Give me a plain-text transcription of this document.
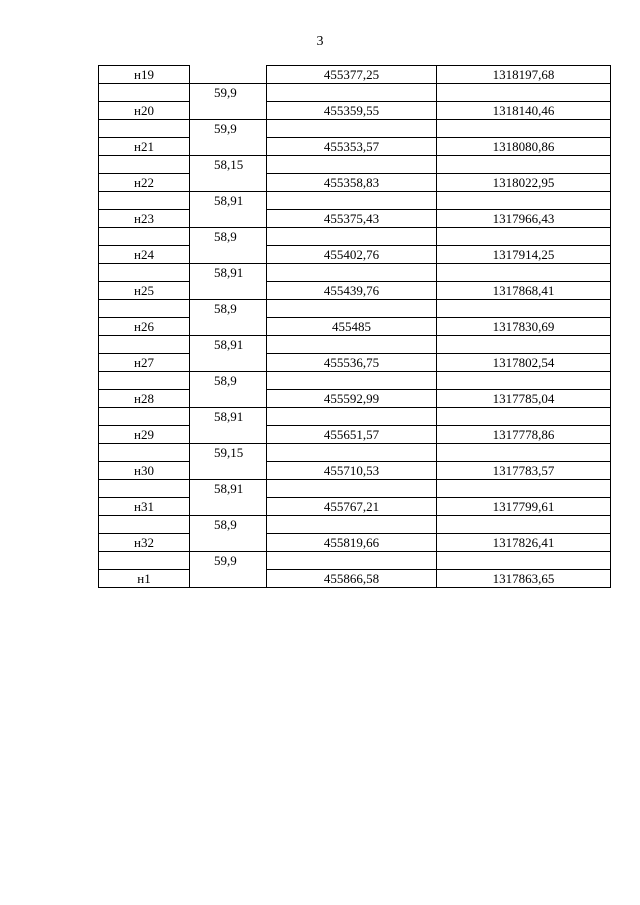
3
н19		455377,25	1318197,68
	59,9		
н20		455359,55	1318140,46
	59,9		
н21		455353,57	1318080,86
	58,15		
н22		455358,83	1318022,95
	58,91		
н23		455375,43	1317966,43
	58,9		
н24		455402,76	1317914,25
	58,91		
н25		455439,76	1317868,41
	58,9		
н26		455485	1317830,69
	58,91		
н27		455536,75	1317802,54
	58,9		
н28		455592,99	1317785,04
	58,91		
н29		455651,57	1317778,86
	59,15		
н30		455710,53	1317783,57
	58,91		
н31		455767,21	1317799,61
	58,9		
н32		455819,66	1317826,41
	59,9		
н1		455866,58	1317863,65
